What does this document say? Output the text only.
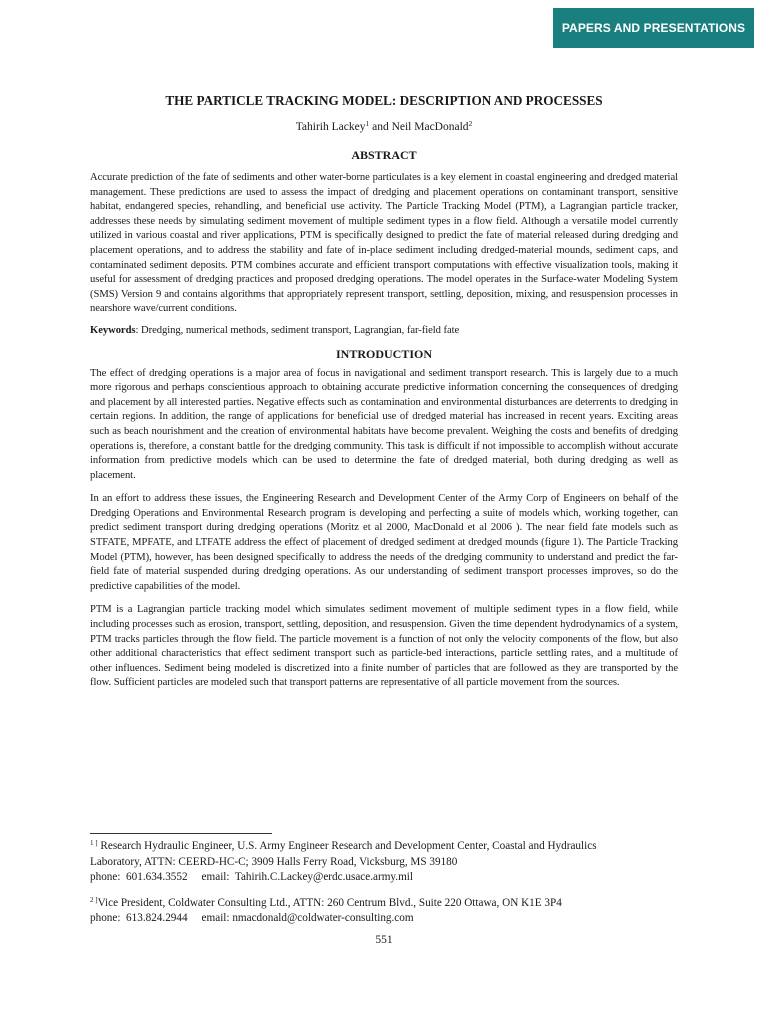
PAPERS AND PRESENTATIONS
THE PARTICLE TRACKING MODEL: DESCRIPTION AND PROCESSES
Tahirih Lackey$^1$ and Neil MacDonald$^2$
ABSTRACT

Accurate prediction of the fate of sediments and other water-borne particulates is a key element in coastal engineering and dredged material management. These predictions are used to assess the impact of dredging and placement operations on contaminant transport, sensitive habitat, endangered species, rehandling, and beneficial use activity. The Particle Tracking Model (PTM), a Lagrangian particle tracker, addresses these needs by simulating sediment movement of multiple sediment types in a flow field. Although a versatile model currently utilized in various coastal and river applications, PTM is specifically designed to predict the fate of material released during dredging and placement operations, and to address the stability and fate of in-place sediment including dredged-material mounds, sediment caps, and contaminated sediment deposits. PTM combines accurate and efficient transport computations with effective visualization tools, making it useful for assessment of dredging practices and proposed dredging operations. The model operates in the Surface-water Modeling System (SMS) Version 9 and contains algorithms that appropriately represent transport, settling, deposition, mixing, and resuspension processes in nearshore wave/current conditions.

Keywords: Dredging, numerical methods, sediment transport, Lagrangian, far-field fate

INTRODUCTION

The effect of dredging operations is a major area of focus in navigational and sediment transport research. This is largely due to a much more rigorous and perhaps conscientious approach to obtaining accurate predictive information concerning the consequences of dredging and placement by all interested parties. Negative effects such as contamination and environmental disturbances are deterrents to dredging in certain regions. In addition, the range of applications for beneficial use of dredged material has increased in recent years. Exciting areas such as beach nourishment and the creation of environmental habitats have become prevalent. Weighing the costs and benefits of dredging operations is, therefore, a constant battle for the dredging community. This task is difficult if not impossible to accomplish without accurate information from predictive models which can be used to determine the fate of dredged material, both during dredging as well as placement.

In an effort to address these issues, the Engineering Research and Development Center of the Army Corp of Engineers on behalf of the Dredging Operations and Environmental Research program is developing and perfecting a suite of models which, working together, can predict sediment transport during dredging operations (Moritz et al 2000, MacDonald et al 2006 ). The near field fate models such as STFATE, MPFATE, and LTFATE address the effect of placement of dredged sediment at dredged mounds (figure 1). The Particle Tracking Model (PTM), however, has been designed specifically to address the needs of the dredging community to understand and predict the far-field fate of material suspended during dredging operations. As our understanding of sediment transport processes improves, so do the predictive capabilities of the model.

PTM is a Lagrangian particle tracking model which simulates sediment movement of multiple sediment types in a flow field, while including processes such as erosion, transport, settling, deposition, and resuspension. Given the time dependent hydrodynamics of a system, PTM tracks particles through the flow field. The particle movement is a function of not only the velocity components of the flow, but also other additional characteristics that effect sediment transport such as particle-bed interactions, particle settling rates, and a multitude of other influences. Sediment being modeled is discretized into a finite number of particles that are followed as they are transported by the flow. Sufficient particles are modeled such that transport patterns are representative of all particle movement from the sources.

$^{1 ]}$ Research Hydraulic Engineer, U.S. Army Engineer Research and Development Center, Coastal and Hydraulics
Laboratory, ATTN: CEERD-HC-C; 3909 Halls Ferry Road, Vicksburg, MS 39180
phone:  601.634.3552     email:  Tahirih.C.Lackey@erdc.usace.army.mil
$^{2 ]}$Vice President, Coldwater Consulting Ltd., ATTN: 260 Centrum Blvd., Suite 220 Ottawa, ON K1E 3P4
phone:  613.824.2944     email: nmacdonald@coldwater-consulting.com
551
